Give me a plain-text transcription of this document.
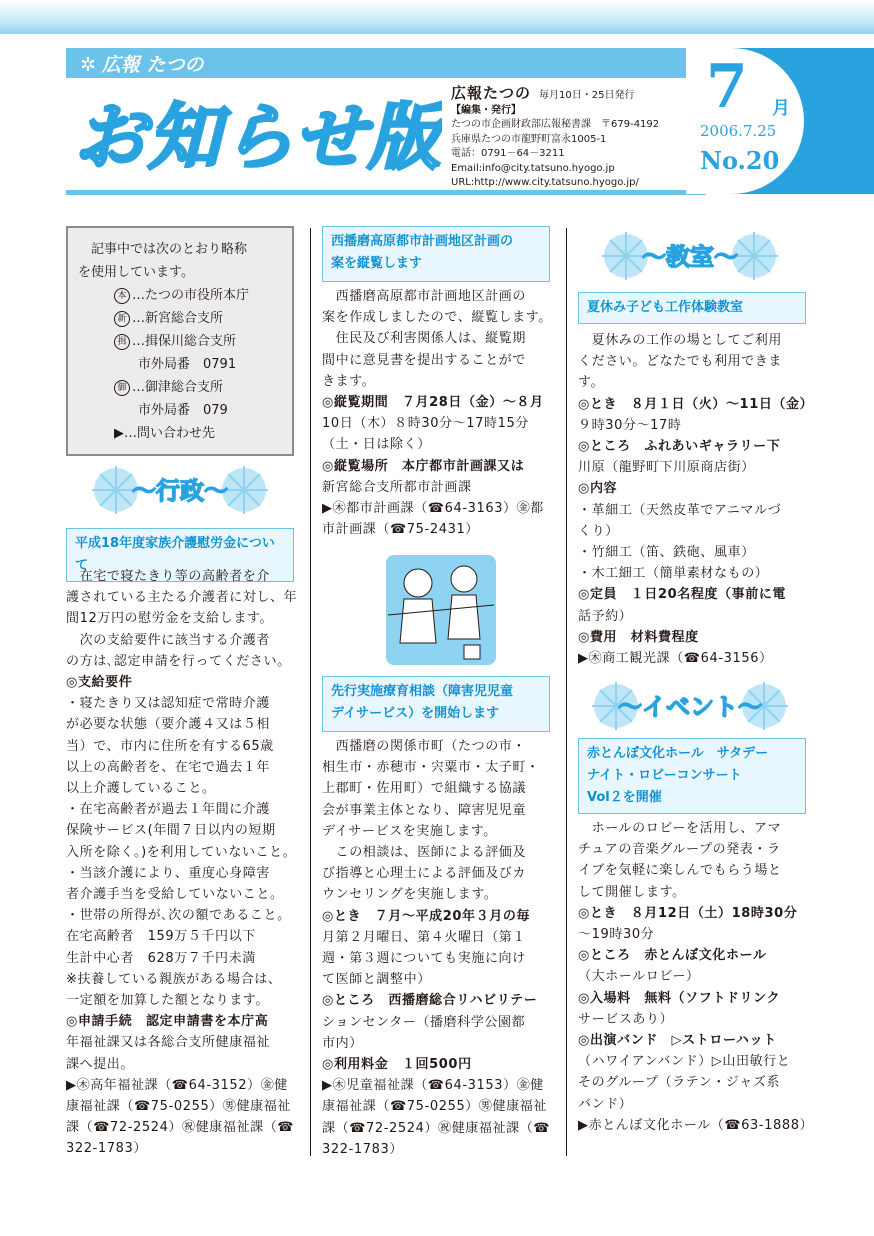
✲ 広報 たつの
お知らせ版
広報たつの 毎月10日・25日発行
【編集・発行】
たつの市企画財政部広報秘書課　〒679-4192
兵庫県たつの市龍野町富永1005-1
電話：0791－64－3211
Email:info@city.tatsuno.hyogo.jp
URL:http://www.city.tatsuno.hyogo.jp/
7 月
2006.7.25
No.20

　記事中では次のとおり略称

を使用しています。

本 …たつの市役所本庁

新 …新宮総合支所

揖 …揖保川総合支所

市外局番　0791

御 …御津総合支所

市外局番　079

▶…問い合わせ先

～行政～
平成18年度家族介護慰労金について

　在宅で寝たきり等の高齢者を介

護されている主たる介護者に対し、年

間12万円の慰労金を支給します。

　次の支給要件に該当する介護者

の方は､認定申請を行ってください。

◎支給要件

・寝たきり又は認知症で常時介護

が必要な状態（要介護４又は５相

当）で、市内に住所を有する65歳

以上の高齢者を、在宅で過去１年

以上介護していること。

・在宅高齢者が過去１年間に介護

保険サービス(年間７日以内の短期

入所を除く｡)を利用していないこと。

・当該介護により、重度心身障害

者介護手当を受給していないこと。

・世帯の所得が､次の額であること。

在宅高齢者　159万５千円以下

生計中心者　628万７千円未満

※扶養している親族がある場合は、

一定額を加算した額となります。

◎申請手続　認定申請書を本庁高

年福祉課又は各総合支所健康福祉

課へ提出。

▶㊍高年福祉課（☎64-3152）㊎健

康福祉課（☎75-0255）㊚健康福祉

課（☎72-2524）㊗健康福祉課（☎

322-1783）

西播磨高原都市計画地区計画の
案を縦覧します

　西播磨高原都市計画地区計画の

案を作成しましたので、縦覧します。

　住民及び利害関係人は、縦覧期

間中に意見書を提出することがで

きます。

◎縦覧期間　７月28日（金）～８月

10日（木）８時30分～17時15分

（土・日は除く）

◎縦覧場所　本庁都市計画課又は

新宮総合支所都市計画課

▶㊍都市計画課（☎64-3163）㊎都

市計画課（☎75-2431）

先行実施療育相談（障害児児童
デイサービス）を開始します

　西播磨の関係市町（たつの市・

相生市・赤穂市・宍粟市・太子町・

上郡町・佐用町）で組織する協議

会が事業主体となり、障害児児童

デイサービスを実施します。

　この相談は、医師による評価及

び指導と心理士による評価及びカ

ウンセリングを実施します。

◎とき　７月～平成20年３月の毎

月第２月曜日、第４火曜日（第１

週・第３週についても実施に向け

て医師と調整中）

◎ところ　西播磨総合リハビリテー

ションセンター（播磨科学公園都

市内）

◎利用料金　１回500円

▶㊍児童福祉課（☎64-3153）㊎健

康福祉課（☎75-0255）㊚健康福祉

課（☎72-2524）㊗健康福祉課（☎

322-1783）

～教室～
夏休み子ども工作体験教室

　夏休みの工作の場としてご利用

ください。どなたでも利用できま

す。

◎とき　８月１日（火）～11日（金）

９時30分～17時

◎ところ　ふれあいギャラリー下

川原（龍野町下川原商店街）

◎内容

・革細工（天然皮革でアニマルづ

くり）

・竹細工（笛、鉄砲、風車）

・木工細工（簡単素材なもの）

◎定員　１日20名程度（事前に電

話予約）

◎費用　材料費程度

▶㊍商工観光課（☎64-3156）

～イベント～
赤とんぼ文化ホール　サタデー
ナイト・ロビーコンサート
Vol２を開催

　ホールのロビーを活用し、アマ

チュアの音楽グループの発表・ラ

イブを気軽に楽しんでもらう場と

して開催します。

◎とき　８月12日（土）18時30分

～19時30分

◎ところ　赤とんぼ文化ホール

（大ホールロビー）

◎入場料　無料（ソフトドリンク

サービスあり）

◎出演バンド　▷ストローハット

（ハワイアンバンド）▷山田敏行と

そのグループ（ラテン・ジャズ系

バンド）

▶赤とんぼ文化ホール（☎63-1888）
